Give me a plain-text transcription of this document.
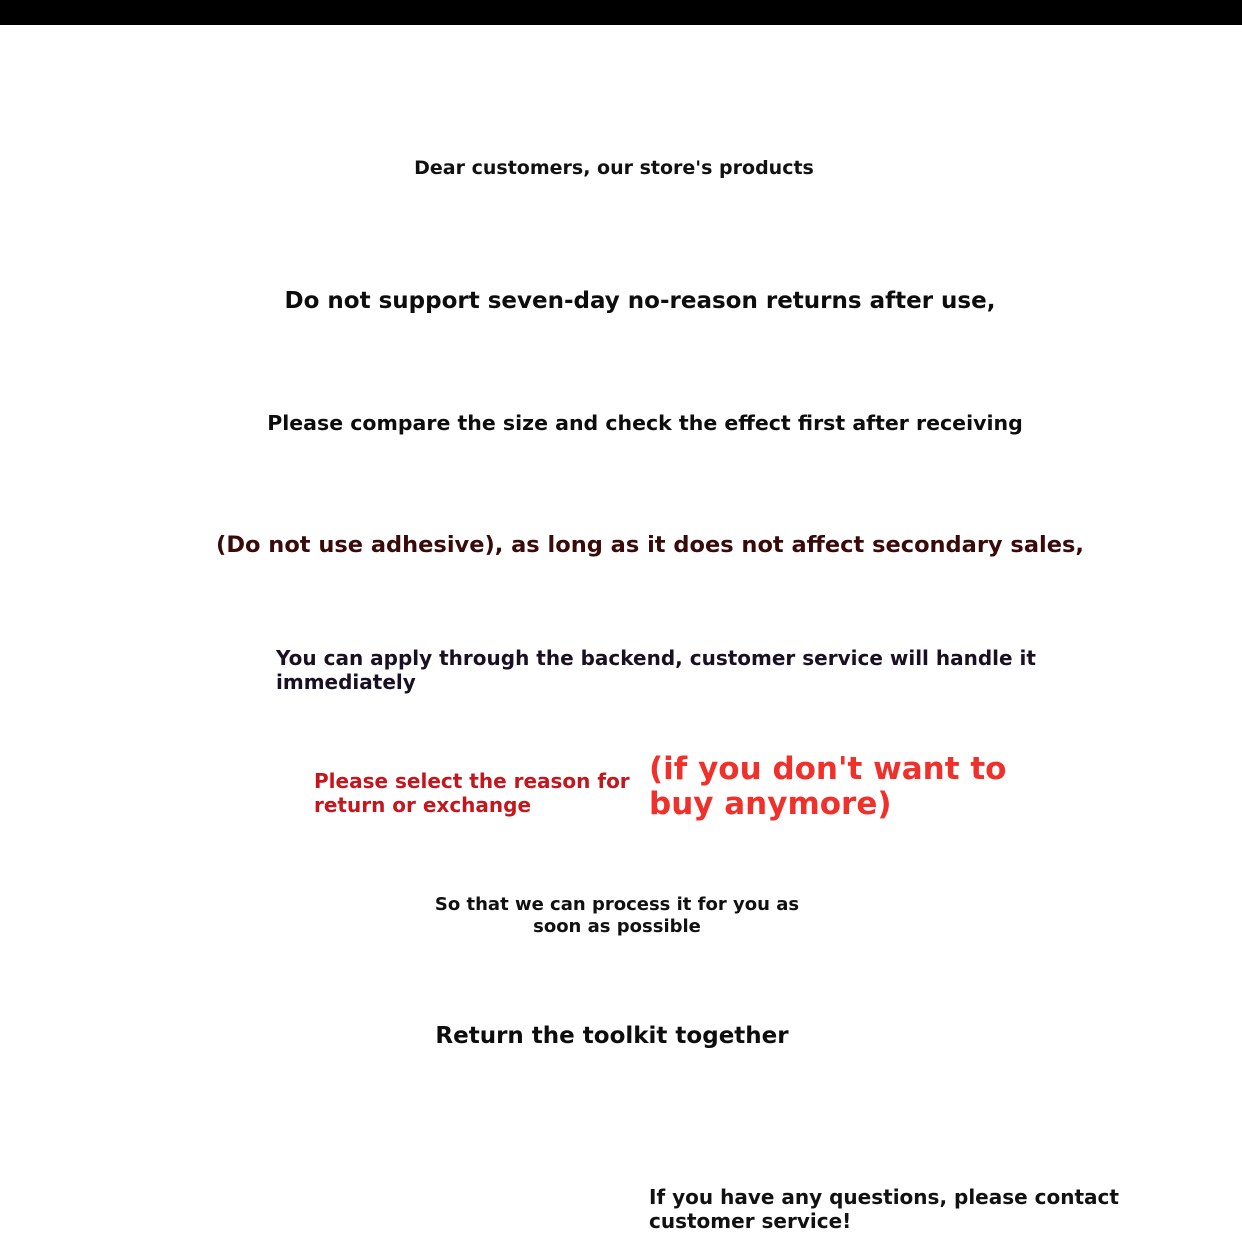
Dear customers, our store's products

Do not support seven-day no-reason returns after use,

Please compare the size and check the effect first after receiving

(Do not use adhesive), as long as it does not affect secondary sales,

You can apply through the backend, customer service will handle it immediately

Please select the reason for return or exchange

(if you don't want to buy anymore)

So that we can process it for you as soon as possible

Return the toolkit together

If you have any questions, please contact customer service!
